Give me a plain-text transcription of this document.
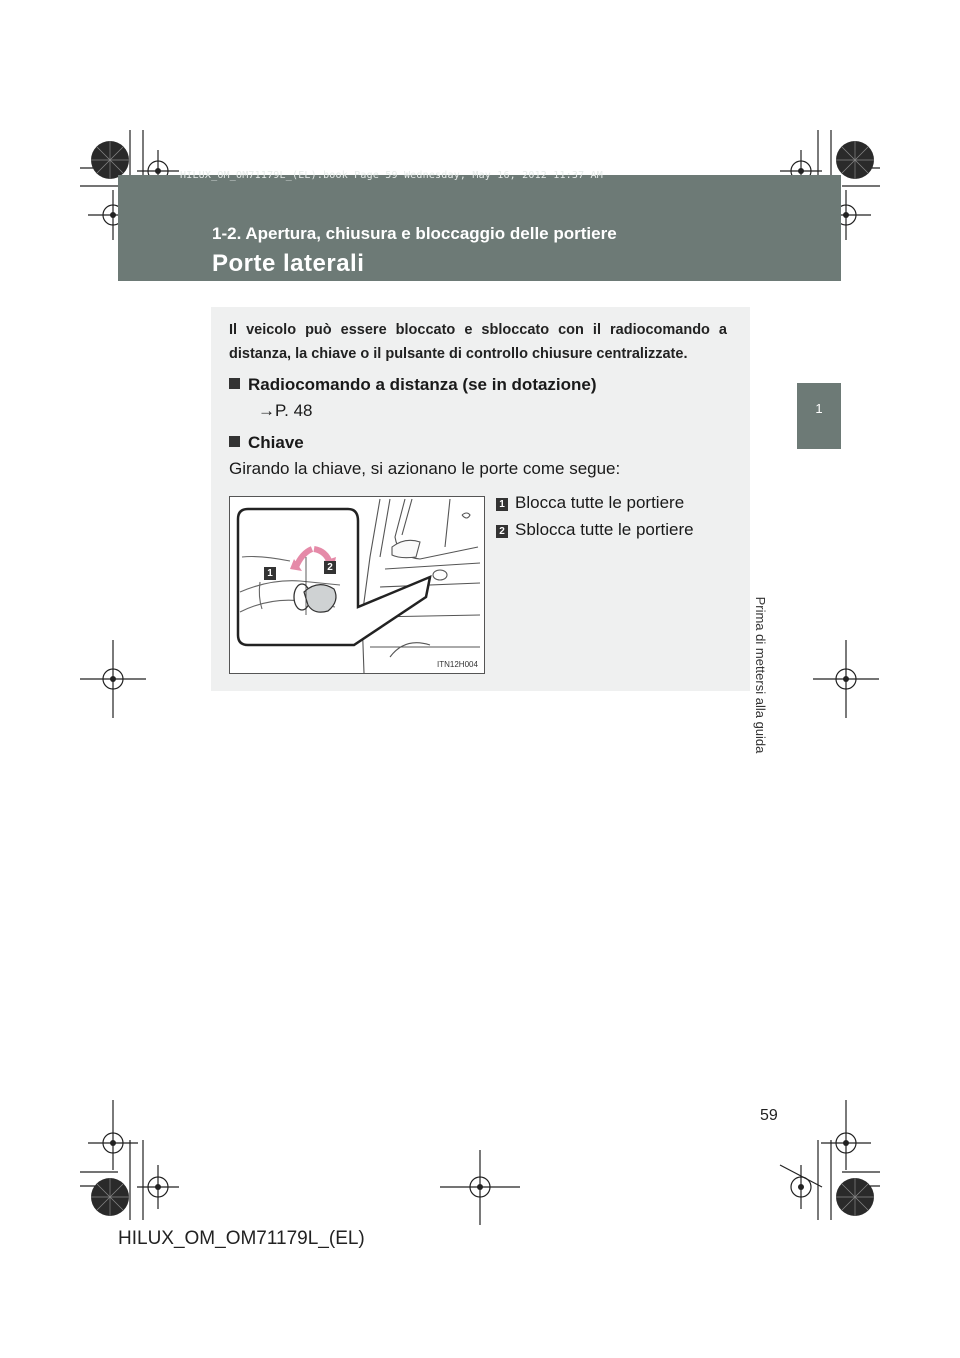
HILUX_OM_OM71179L_(EL).book Page 59 Wednesday, May 16, 2012 11:37 AM
1-2. Apertura, chiusura e bloccaggio delle portiere
Porte laterali
1
Prima di mettersi alla guida
Il veicolo può essere bloccato e sbloccato con il radiocomando a distanza, la chiave o il pulsante di controllo chiusure centralizzate.
Radiocomando a distanza (se in dotazione)
→P. 48
Chiave
Girando la chiave, si azionano le porte come segue:
1 Blocca tutte le portiere
2 Sblocca tutte le portiere
1
2
ITN12H004
59
HILUX_OM_OM71179L_(EL)
